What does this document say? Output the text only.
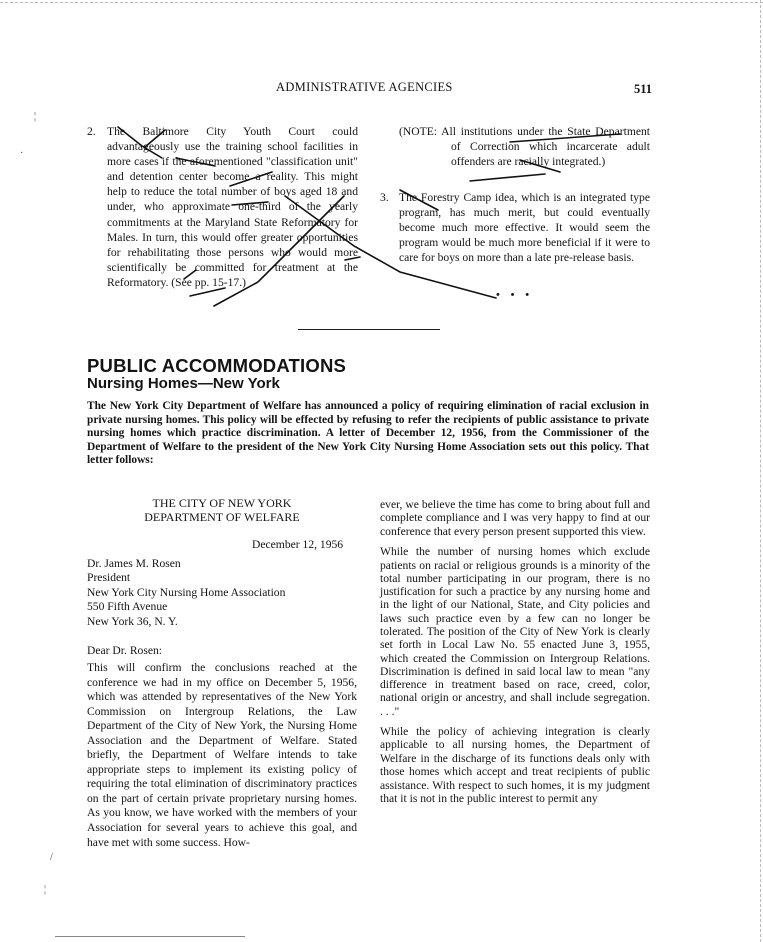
ADMINISTRATIVE AGENCIES	511
2. The Baltimore City Youth Court could advantageously use the training school facilities in more cases if the aforementioned "classification unit" and detention center become a reality. This might help to reduce the total number of boys aged 18 and under, who approximate one-third of the yearly commitments at the Maryland State Reformatory for Males. In turn, this would offer greater opportunities for rehabilitating those persons who would more scientifically be committed for treatment at the Reformatory. (See pp. 15-17.)

(NOTE: All institutions under the State Department of Correction which incarcerate adult offenders are racially integrated.)

3. The Forestry Camp idea, which is an integrated type program, has much merit, but could eventually become much more effective. It would seem the program would be much more beneficial if it were to care for boys on more than a late pre-release basis.

• • •
PUBLIC ACCOMMODATIONS
Nursing Homes—New York

The New York City Department of Welfare has announced a policy of requiring elimination of racial exclusion in private nursing homes. This policy will be effected by refusing to refer the recipients of public assistance to private nursing homes which practice discrimination. A letter of December 12, 1956, from the Commissioner of the Department of Welfare to the president of the New York City Nursing Home Association sets out this policy. That letter follows:

THE CITY OF NEW YORK
DEPARTMENT OF WELFARE
December 12, 1956
Dr. James M. Rosen
President
New York City Nursing Home Association
550 Fifth Avenue
New York 36, N. Y.
Dear Dr. Rosen:

This will confirm the conclusions reached at the conference we had in my office on December 5, 1956, which was attended by representatives of the New York Commission on Intergroup Relations, the Law Department of the City of New York, the Nursing Home Association and the Department of Welfare. Stated briefly, the Department of Welfare intends to take appropriate steps to implement its existing policy of requiring the total elimination of discriminatory practices on the part of certain private proprietary nursing homes. As you know, we have worked with the members of your Association for several years to achieve this goal, and have met with some success. How-

ever, we believe the time has come to bring about full and complete compliance and I was very happy to find at our conference that every person present supported this view.

While the number of nursing homes which exclude patients on racial or religious grounds is a minority of the total number participating in our program, there is no justification for such a practice by any nursing home and in the light of our National, State, and City policies and laws such practice even by a few can no longer be tolerated. The position of the City of New York is clearly set forth in Local Law No. 55 enacted June 3, 1955, which created the Commission on Intergroup Relations. Discrimination is defined in said local law to mean "any difference in treatment based on race, creed, color, national origin or ancestry, and shall include segregation. . . ."

While the policy of achieving integration is clearly applicable to all nursing homes, the Department of Welfare in the discharge of its functions deals only with those homes which accept and treat recipients of public assistance. With respect to such homes, it is my judgment that it is not in the public interest to permit any

¦
·
/
¦
